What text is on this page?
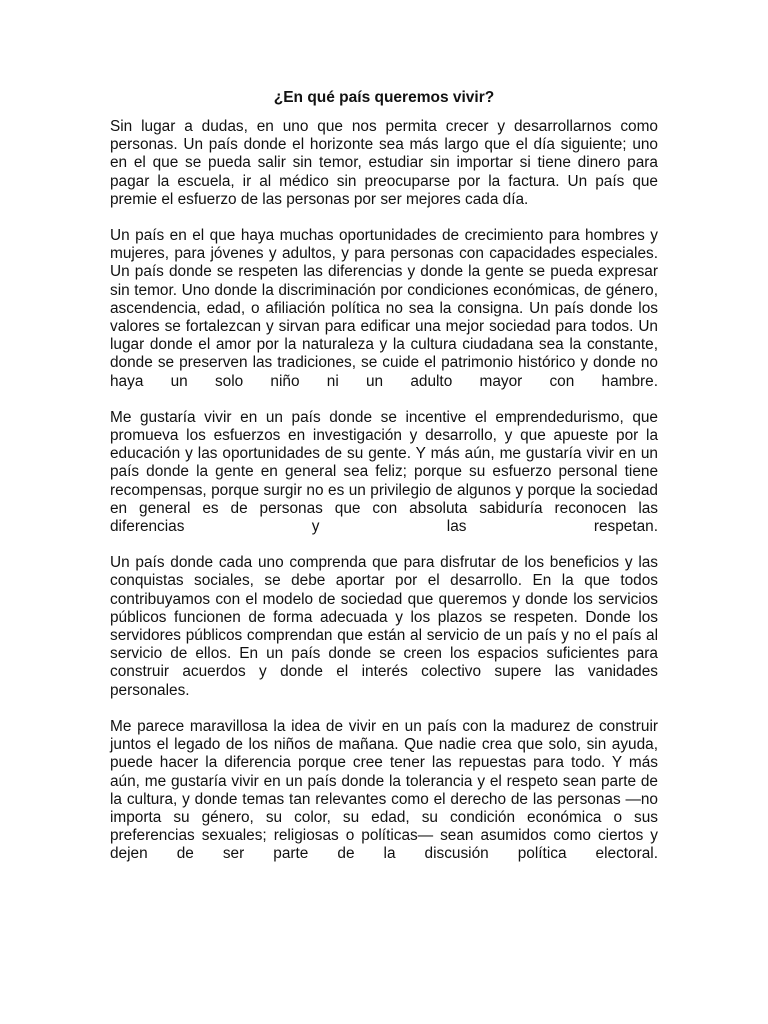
¿En qué país queremos vivir?

Sin lugar a dudas, en uno que nos permita crecer y desarrollarnos como personas. Un país donde el horizonte sea más largo que el día siguiente; uno en el que se pueda salir sin temor, estudiar sin importar si tiene dinero para pagar la escuela, ir al médico sin preocuparse por la factura. Un país que premie el esfuerzo de las personas por ser mejores cada día.

Un país en el que haya muchas oportunidades de crecimiento para hombres y mujeres, para jóvenes y adultos, y para personas con capacidades especiales. Un país donde se respeten las diferencias y donde la gente se pueda expresar sin temor. Uno donde la discriminación por condiciones económicas, de género, ascendencia, edad, o afiliación política no sea la consigna. Un país donde los valores se fortalezcan y sirvan para edificar una mejor sociedad para todos. Un lugar donde el amor por la naturaleza y la cultura ciudadana sea la constante, donde se preserven las tradiciones, se cuide el patrimonio histórico y donde no haya un solo niño ni un adulto mayor con hambre.

Me gustaría vivir en un país donde se incentive el emprendedurismo, que promueva los esfuerzos en investigación y desarrollo, y que apueste por la educación y las oportunidades de su gente. Y más aún, me gustaría vivir en un país donde la gente en general sea feliz; porque su esfuerzo personal tiene recompensas, porque surgir no es un privilegio de algunos y porque la sociedad en general es de personas que con absoluta sabiduría reconocen las diferencias y las respetan.

Un país donde cada uno comprenda que para disfrutar de los beneficios y las conquistas sociales, se debe aportar por el desarrollo. En la que todos contribuyamos con el modelo de sociedad que queremos y donde los servicios públicos funcionen de forma adecuada y los plazos se respeten. Donde los servidores públicos comprendan que están al servicio de un país y no el país al servicio de ellos. En un país donde se creen los espacios suficientes para construir acuerdos y donde el interés colectivo supere las vanidades personales.

Me parece maravillosa la idea de vivir en un país con la madurez de construir juntos el legado de los niños de mañana. Que nadie crea que solo, sin ayuda, puede hacer la diferencia porque cree tener las repuestas para todo. Y más aún, me gustaría vivir en un país donde la tolerancia y el respeto sean parte de la cultura, y donde temas tan relevantes como el derecho de las personas —no importa su género, su color, su edad, su condición económica o sus preferencias sexuales; religiosas o políticas— sean asumidos como ciertos y dejen de ser parte de la discusión política electoral.
